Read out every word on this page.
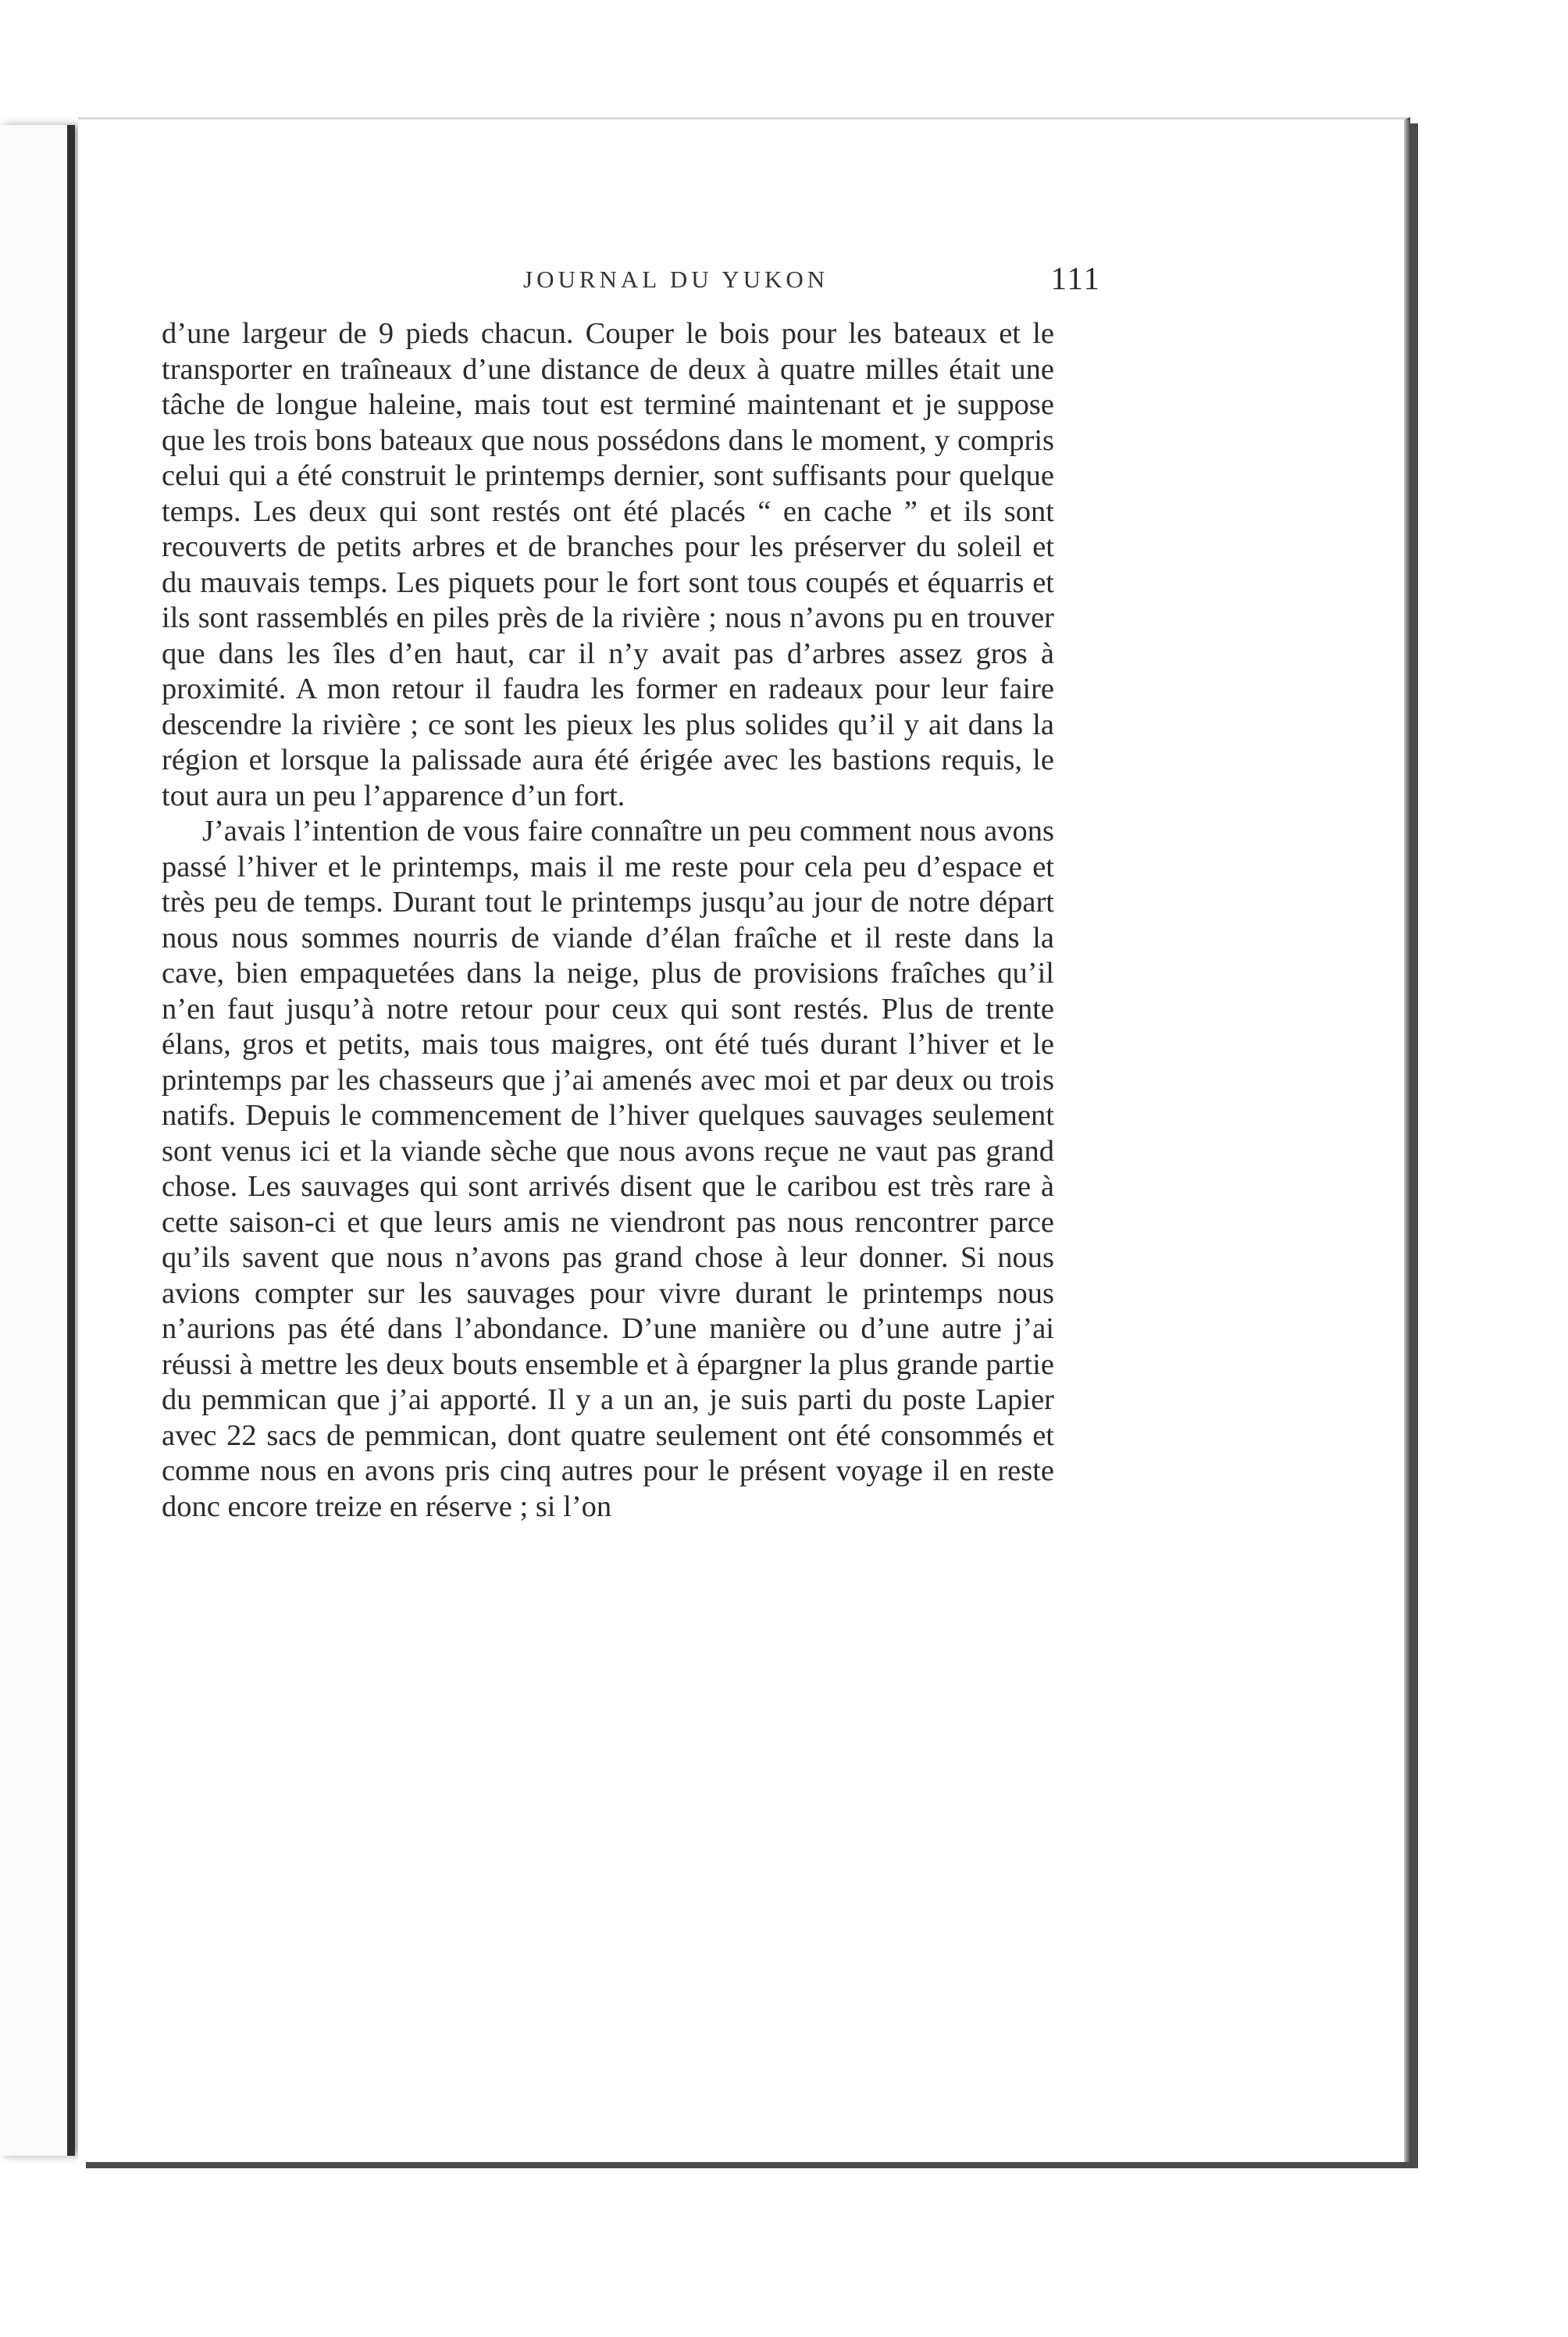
JOURNAL DU YUKON	111

d’une largeur de 9 pieds chacun. Couper le bois pour les bateaux et le transporter en traîneaux d’une distance de deux à quatre milles était une tâche de longue haleine, mais tout est terminé maintenant et je suppose que les trois bons bateaux que nous possédons dans le moment, y compris celui qui a été construit le printemps dernier, sont suffisants pour quelque temps. Les deux qui sont restés ont été placés “ en cache ” et ils sont recouverts de petits arbres et de branches pour les préserver du soleil et du mauvais temps. Les piquets pour le fort sont tous coupés et équarris et ils sont rassemblés en piles près de la rivière ; nous n’avons pu en trouver que dans les îles d’en haut, car il n’y avait pas d’arbres assez gros à proximité. A mon retour il faudra les former en radeaux pour leur faire descendre la rivière ; ce sont les pieux les plus solides qu’il y ait dans la région et lorsque la palissade aura été érigée avec les bastions requis, le tout aura un peu l’apparence d’un fort.

J’avais l’intention de vous faire connaître un peu comment nous avons passé l’hiver et le printemps, mais il me reste pour cela peu d’espace et très peu de temps. Durant tout le printemps jusqu’au jour de notre départ nous nous sommes nourris de viande d’élan fraîche et il reste dans la cave, bien empaquetées dans la neige, plus de provisions fraîches qu’il n’en faut jusqu’à notre retour pour ceux qui sont restés. Plus de trente élans, gros et petits, mais tous maigres, ont été tués durant l’hiver et le printemps par les chasseurs que j’ai amenés avec moi et par deux ou trois natifs. Depuis le commencement de l’hiver quelques sauvages seulement sont venus ici et la viande sèche que nous avons reçue ne vaut pas grand chose. Les sauvages qui sont arrivés disent que le caribou est très rare à cette saison-ci et que leurs amis ne viendront pas nous rencontrer parce qu’ils savent que nous n’avons pas grand chose à leur donner. Si nous avions compter sur les sauvages pour vivre durant le printemps nous n’aurions pas été dans l’abondance. D’une manière ou d’une autre j’ai réussi à mettre les deux bouts ensemble et à épargner la plus grande partie du pemmican que j’ai apporté. Il y a un an, je suis parti du poste Lapier avec 22 sacs de pemmican, dont quatre seulement ont été consommés et comme nous en avons pris cinq autres pour le présent voyage il en reste donc encore treize en réserve ; si l’on
